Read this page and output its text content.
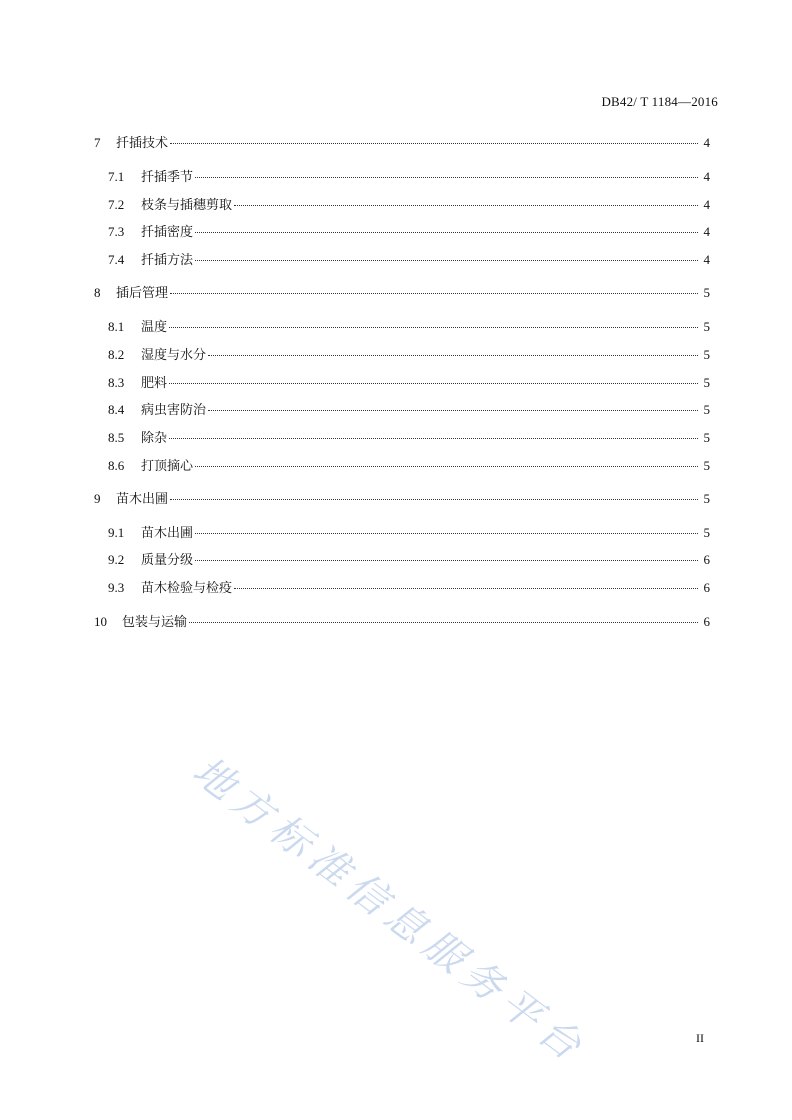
DB42/ T 1184—2016
7	扦插技术	4
7.1	扦插季节	4
7.2	枝条与插穗剪取	4
7.3	扦插密度	4
7.4	扦插方法	4
8	插后管理	5
8.1	温度	5
8.2	湿度与水分	5
8.3	肥料	5
8.4	病虫害防治	5
8.5	除杂	5
8.6	打顶摘心	5
9	苗木出圃	5
9.1	苗木出圃	5
9.2	质量分级	6
9.3	苗木检验与检疫	6
10	包装与运输	6
地方标准信息服务平台	II
